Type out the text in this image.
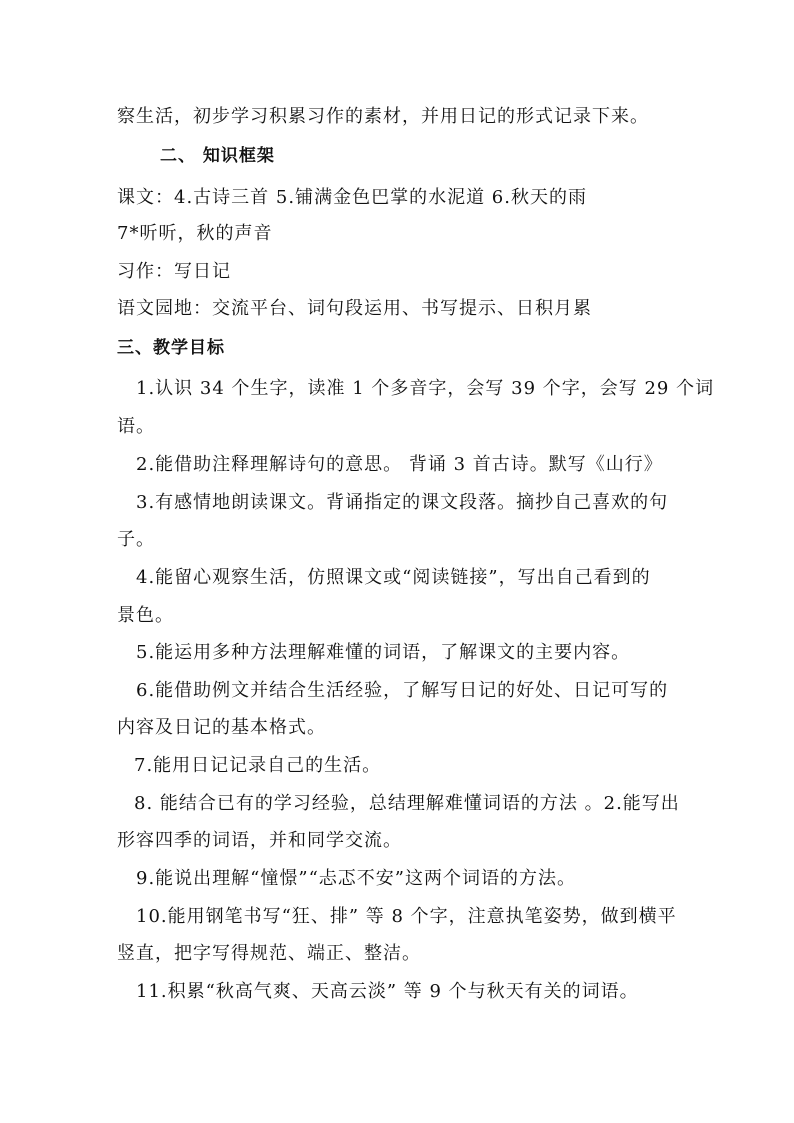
察生活，初步学习积累习作的素材，并用日记的形式记录下来。
二、 知识框架
课文：4.古诗三首 5.铺满金色巴掌的水泥道 6.秋天的雨
7*听听，秋的声音
习作：写日记
语文园地：交流平台、词句段运用、书写提示、日积月累
三、教学目标
1.认识 34 个生字，读准 1 个多音字，会写 39 个字，会写 29 个词
语。
2.能借助注释理解诗句的意思。 背诵 3 首古诗。默写《山行》
3.有感情地朗读课文。背诵指定的课文段落。摘抄自己喜欢的句
子。
4.能留心观察生活，仿照课文或“阅读链接”，写出自己看到的
景色。
5.能运用多种方法理解难懂的词语，了解课文的主要内容。
6.能借助例文并结合生活经验，了解写日记的好处、日记可写的
内容及日记的基本格式。
7.能用日记记录自己的生活。
8. 能结合已有的学习经验，总结理解难懂词语的方法 。2.能写出
形容四季的词语，并和同学交流。
9.能说出理解“憧憬”“忐忑不安”这两个词语的方法。
10.能用钢笔书写“狂、排” 等 8 个字，注意执笔姿势，做到横平
竖直，把字写得规范、端正、整洁。
11.积累“秋高气爽、天高云淡” 等 9 个与秋天有关的词语。
